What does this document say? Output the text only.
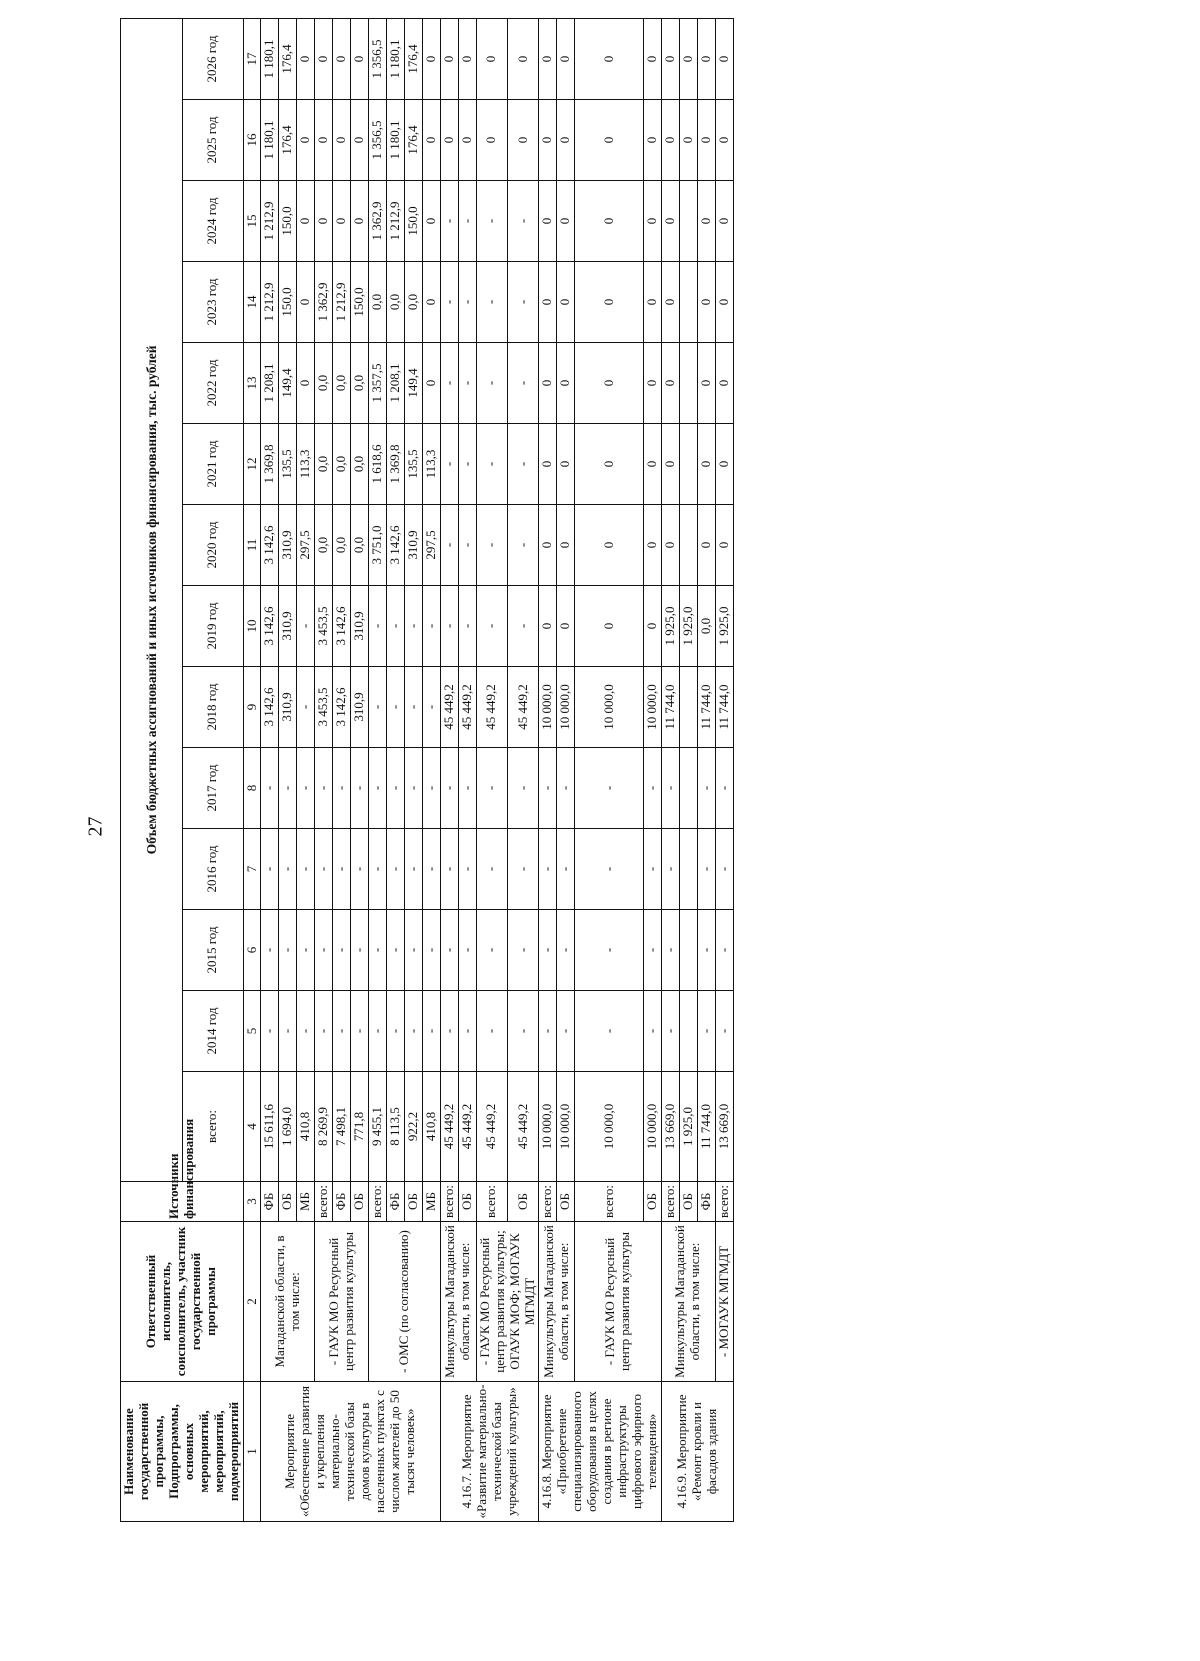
27
Наименование государственной программы, Подпрограммы, основных мероприятий, мероприятий, подмероприятий	Ответственный исполнитель, соисполнитель, участник государственной программы	Источники финансирования	Объем бюджетных ассигнований и иных источников финансирования, тыс. рублей													
			всего:	2014 год	2015 год	2016 год	2017 год	2018 год	2019 год	2020 год	2021 год	2022 год	2023 год	2024 год	2025 год	2026 год
1	2	3	4	5	6	7	8	9	10	11	12	13	14	15	16	17
Мероприятие «Обеспечение развития и укрепления материально-технической базы домов культуры в населенных пунктах с числом жителей до 50 тысяч человек»	Магаданской области, в том числе:	ФБ	15 611,6	-	-	-	-	3 142,6	3 142,6	3 142,6	1 369,8	1 208,1	1 212,9	1 212,9	1 180,1	1 180,1
		ОБ	1 694,0	-	-	-	-	310,9	310,9	310,9	135,5	149,4	150,0	150,0	176,4	176,4
		МБ	410,8	-	-	-	-	-	-	297,5	113,3	0	0	0	0	0
	- ГАУК МО Ресурсный центр развития культуры	всего:	8 269,9	-	-	-	-	3 453,5	3 453,5	0,0	0,0	0,0	1 362,9	0	0	0
		ФБ	7 498,1	-	-	-	-	3 142,6	3 142,6	0,0	0,0	0,0	1 212,9	0	0	0
		ОБ	771,8	-	-	-	-	310,9	310,9	0,0	0,0	0,0	150,0	0	0	0
	- ОМС (по согласованию)	всего:	9 455,1	-	-	-	-	-	-	3 751,0	1 618,6	1 357,5	0,0	1 362,9	1 356,5	1 356,5
		ФБ	8 113,5	-	-	-	-	-	-	3 142,6	1 369,8	1 208,1	0,0	1 212,9	1 180,1	1 180,1
		ОБ	922,2	-	-	-	-	-	-	310,9	135,5	149,4	0,0	150,0	176,4	176,4
		МБ	410,8	-	-	-	-	-	-	297,5	113,3	0	0	0	0	0
4.16.7. Мероприятие «Развитие материально-технической базы учреждений культуры»	Минкультуры Магаданской области, в том числе:	всего:	45 449,2	-	-	-	-	45 449,2	-	-	-	-	-	-	0	0
		ОБ	45 449,2	-	-	-	-	45 449,2	-	-	-	-	-	-	0	0
	- ГАУК МО Ресурсный центр развития культуры; ОГАУК МОФ; МОГАУК МГМДТ	всего:	45 449,2	-	-	-	-	45 449,2	-	-	-	-	-	-	0	0
		ОБ	45 449,2	-	-	-	-	45 449,2	-	-	-	-	-	-	0	0
4.16.8. Мероприятие «Приобретение специализированного оборудования в целях создания в регионе инфраструктуры цифрового эфирного телевидения»	Минкультуры Магаданской области, в том числе:	всего:	10 000,0	-	-	-	-	10 000,0	0	0	0	0	0	0	0	0
		ОБ	10 000,0	-	-	-	-	10 000,0	0	0	0	0	0	0	0	0
	- ГАУК МО Ресурсный центр развития культуры	всего:	10 000,0	-	-	-	-	10 000,0	0	0	0	0	0	0	0	0
		ОБ	10 000,0	-	-	-	-	10 000,0	0	0	0	0	0	0	0	0
4.16.9. Мероприятие «Ремонт кровли и фасадов здания	Минкультуры Магаданской области, в том числе:	всего:	13 669,0	-	-	-	-	11 744,0	1 925,0	0	0	0	0	0	0	0
		ОБ	1 925,0						1 925,0						0	0
		ФБ	11 744,0	-	-	-	-	11 744,0	0,0	0	0	0	0	0	0	0
	- МОГАУК МГМДТ	всего:	13 669,0	-	-	-	-	11 744,0	1 925,0	0	0	0	0	0	0	0
